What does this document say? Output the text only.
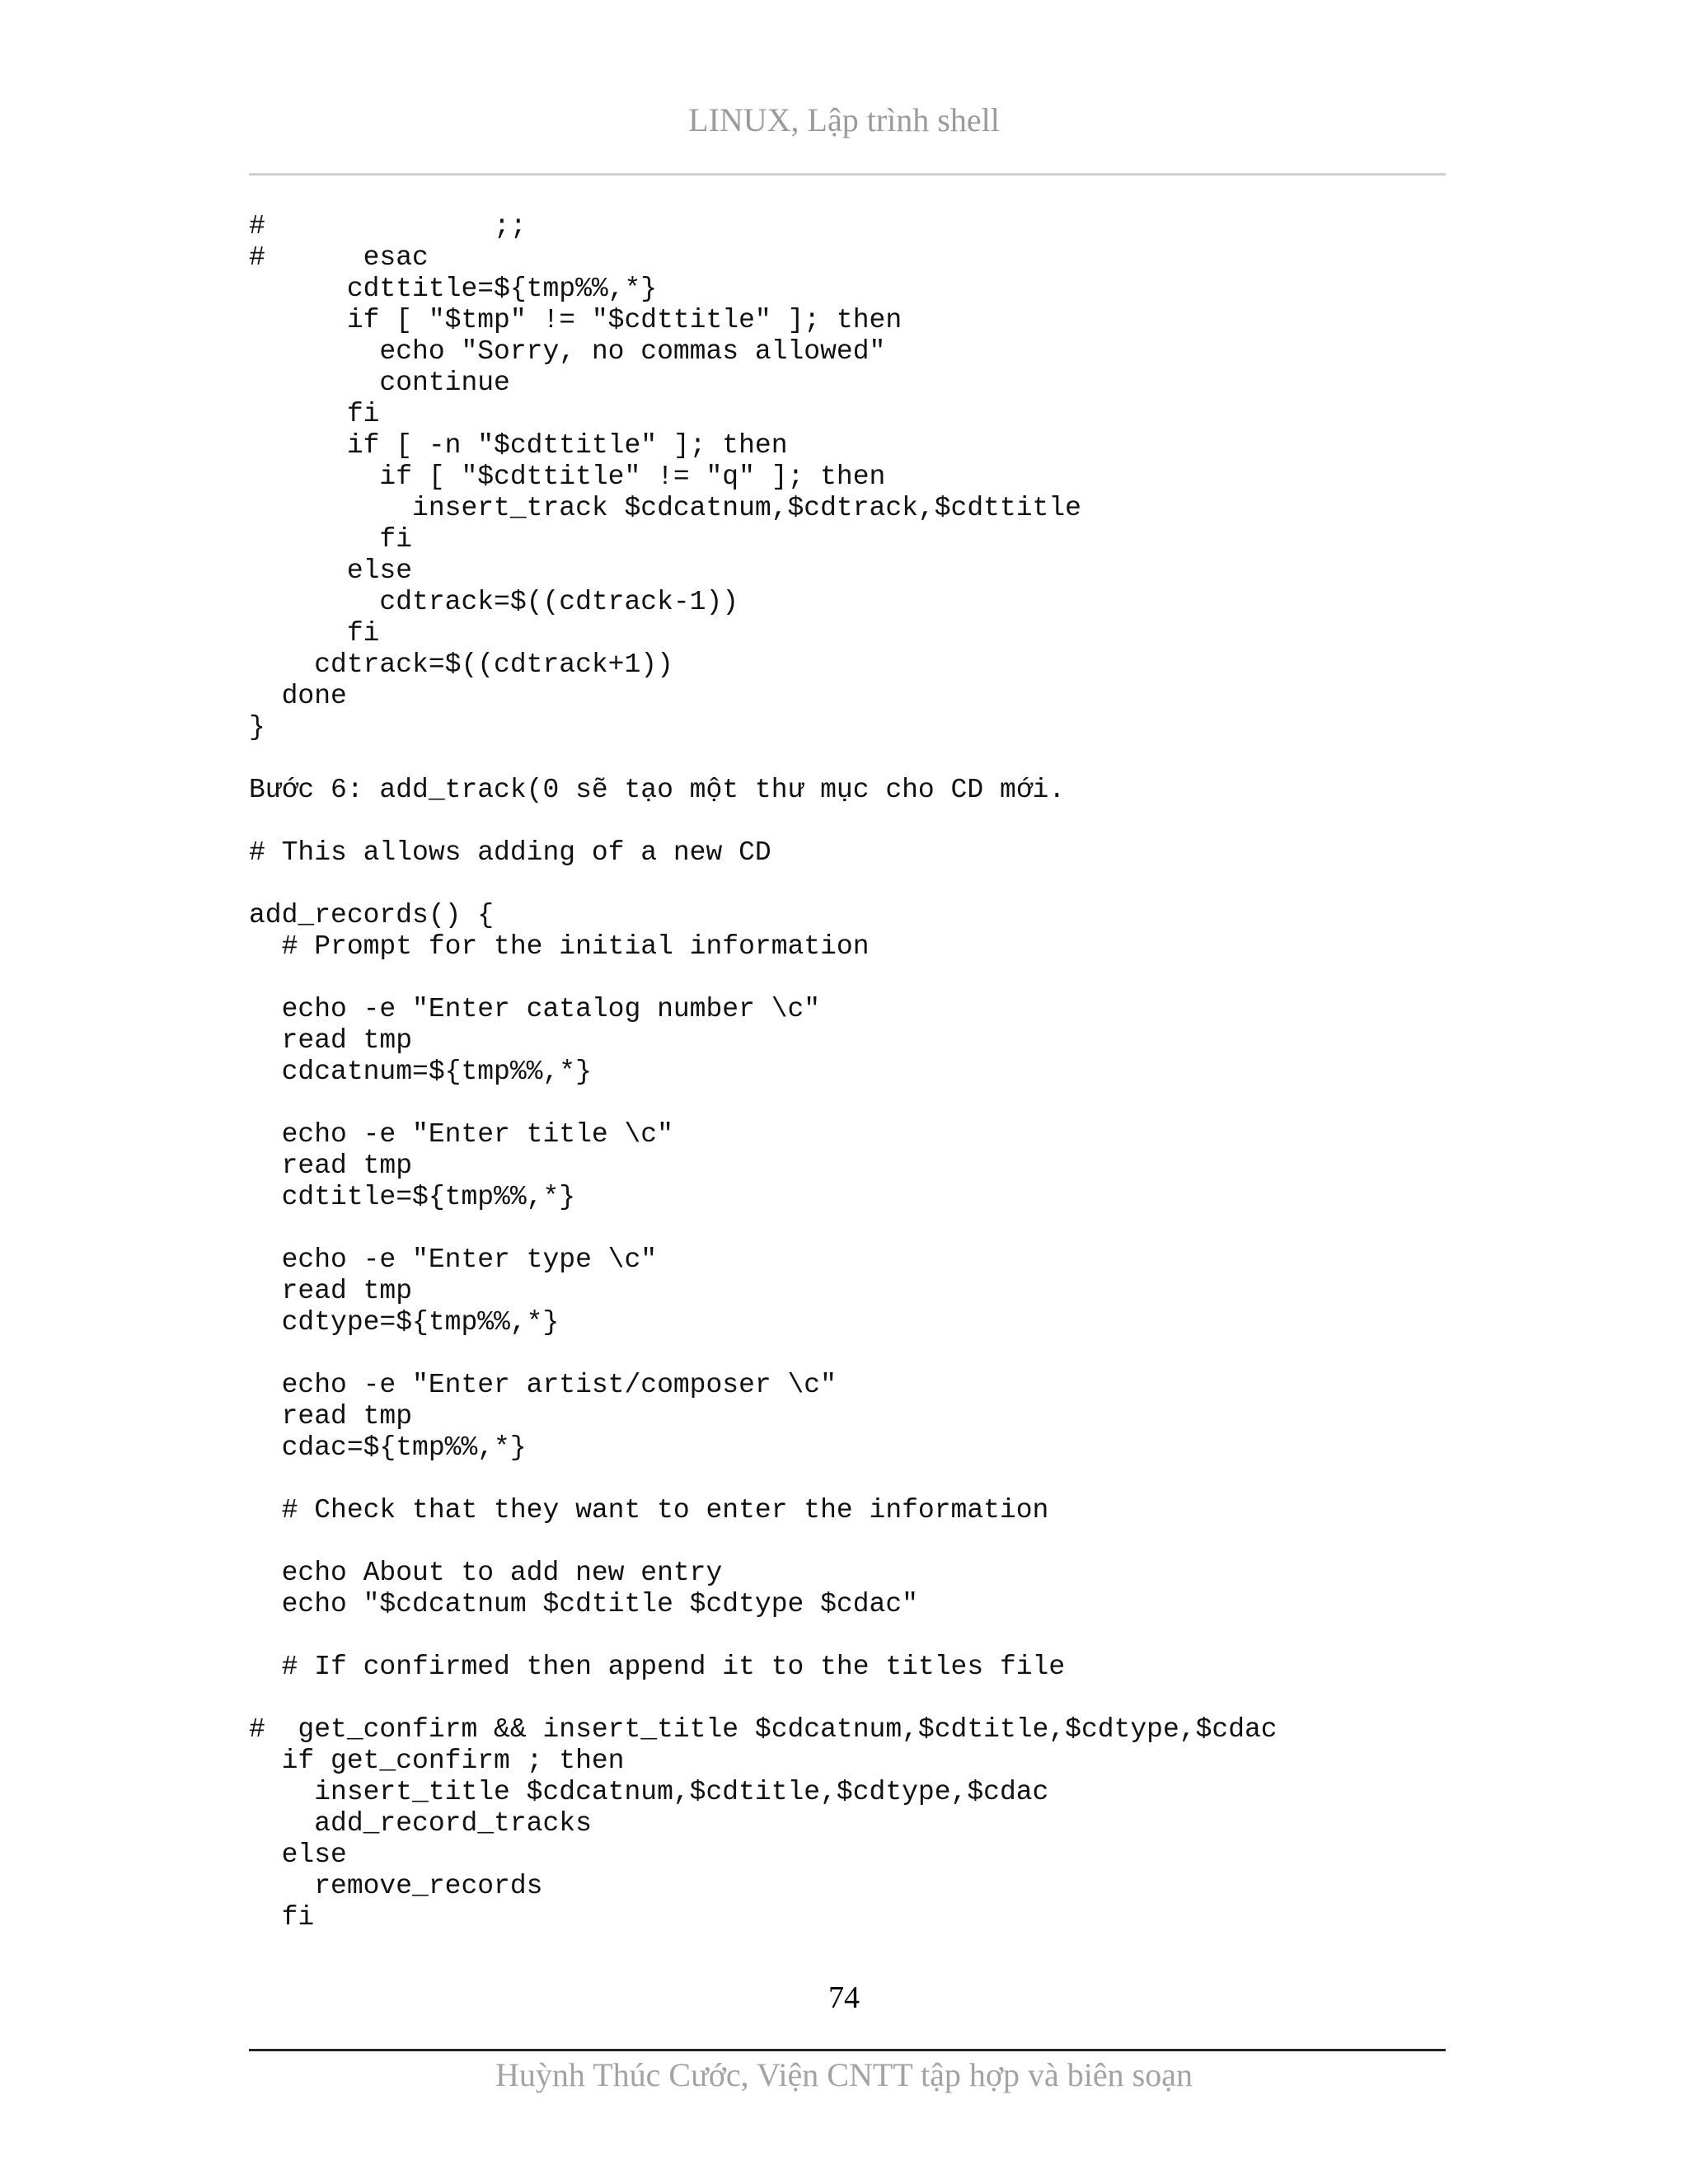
LINUX, Lập trình shell
#              ;;
#      esac
cdttitle=${tmp%%,*}
if [ "$tmp" != "$cdttitle" ]; then
echo "Sorry, no commas allowed"
continue
fi
if [ -n "$cdttitle" ]; then
if [ "$cdttitle" != "q" ]; then
insert_track $cdcatnum,$cdtrack,$cdttitle
fi
else
cdtrack=$((cdtrack-1))
fi
cdtrack=$((cdtrack+1))
done
}
Bước 6: add_track(0 sẽ tạo một thư mục cho CD mới.
# This allows adding of a new CD
add_records() {
# Prompt for the initial information
echo -e "Enter catalog number \c"
read tmp
cdcatnum=${tmp%%,*}
echo -e "Enter title \c"
read tmp
cdtitle=${tmp%%,*}
echo -e "Enter type \c"
read tmp
cdtype=${tmp%%,*}
echo -e "Enter artist/composer \c"
read tmp
cdac=${tmp%%,*}
# Check that they want to enter the information
echo About to add new entry
echo "$cdcatnum $cdtitle $cdtype $cdac"
# If confirmed then append it to the titles file
#  get_confirm && insert_title $cdcatnum,$cdtitle,$cdtype,$cdac
if get_confirm ; then
insert_title $cdcatnum,$cdtitle,$cdtype,$cdac
add_record_tracks
else
remove_records
fi
74
Huỳnh Thúc Cước, Viện CNTT tập hợp và biên soạn
